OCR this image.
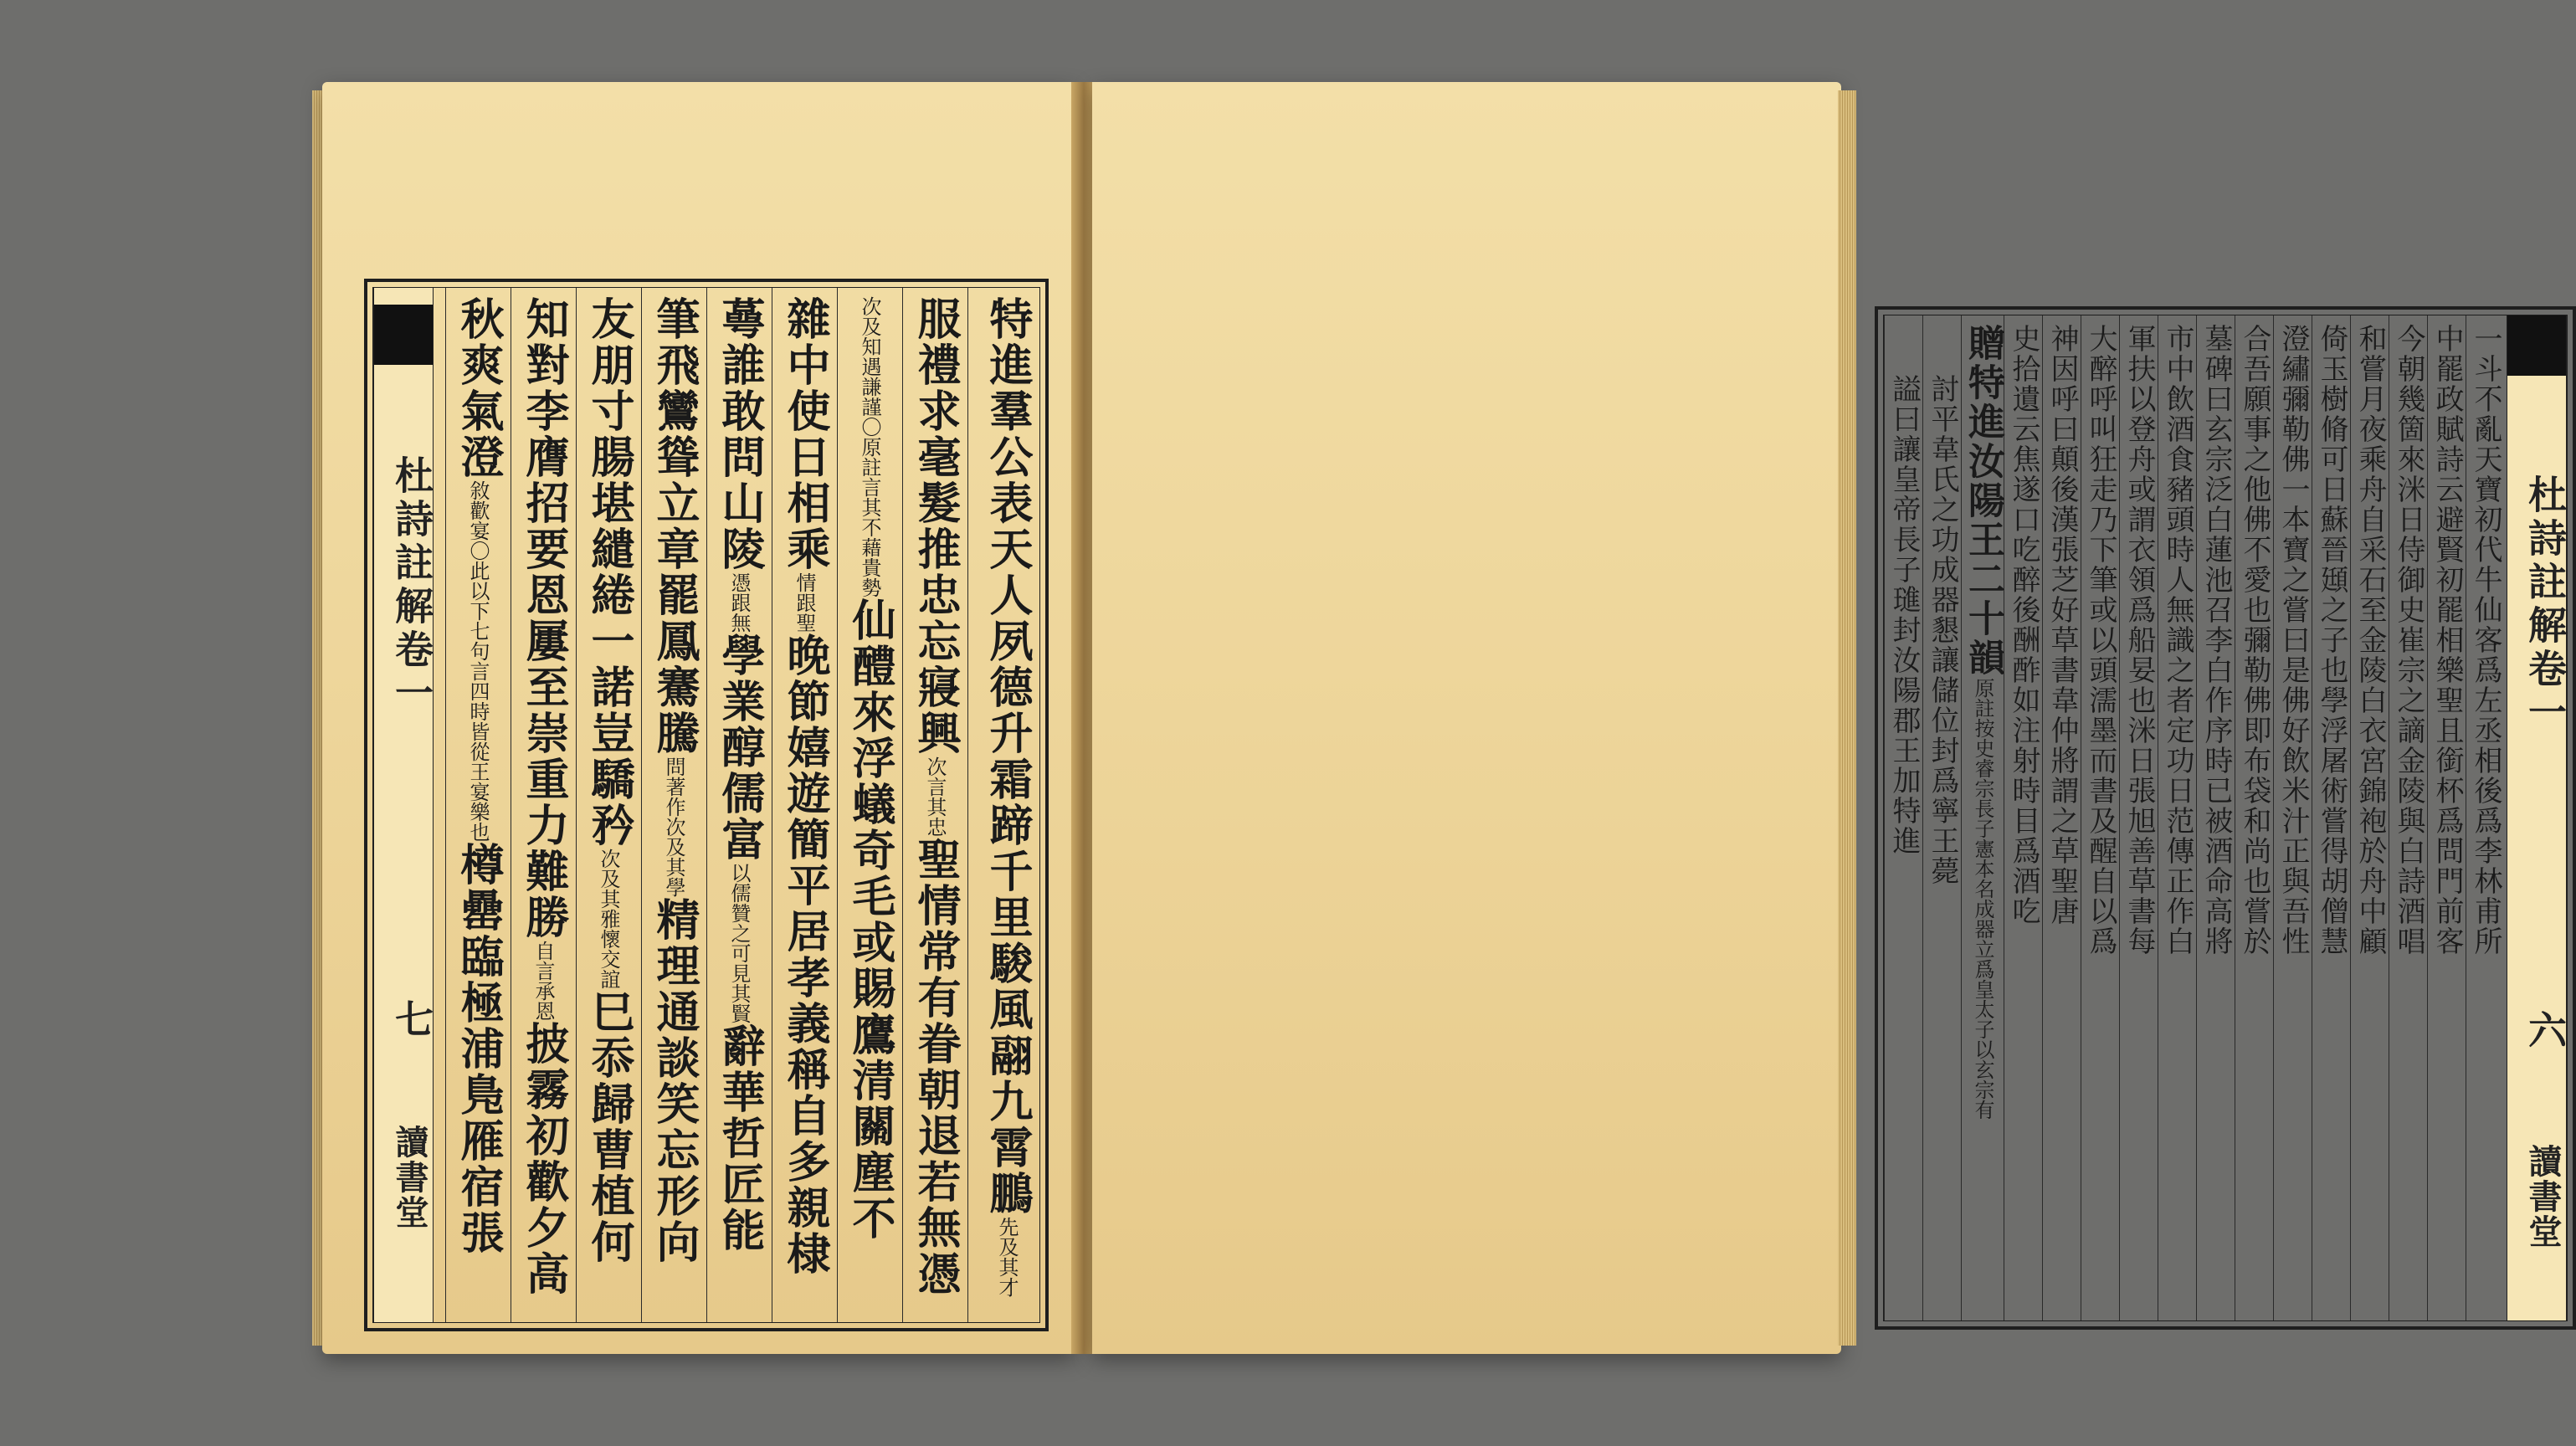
杜詩註解卷一
七
讀書堂	特進羣公表天人夙德升霜蹄千里駿風翮九霄鵬先及其才
服禮求毫髮推忠忘寢興次言其忠聖情常有眷朝退若無憑
次及知遇謙謹〇原註言其不藉貴勢仙醴來浮蟻奇毛或賜鷹清關塵不
雜中使日相乘情跟聖晚節嬉遊簡平居孝義稱自多親棣
蕚誰敢問山陵憑跟無學業醇儒富以儒贊之可見其賢辭華哲匠能
筆飛鸞聳立章罷鳳騫騰問著作次及其學精理通談笑忘形向
友朋寸腸堪繾綣一諾豈驕矜次及其雅懷交誼巳忝歸曹植何
知對李膺招要恩屢至崇重力難勝自言承恩披霧初歡夕高
秋爽氣澄敘歡宴〇此以下七句言四時皆從王宴樂也樽罍臨極浦鳬雁宿張
杜詩註解卷一
六
讀書堂
一斗不亂天寶初代牛仙客爲左丞相後爲李林甫所
中罷政賦詩云避賢初罷相樂聖且銜杯爲問門前客
今朝幾箇來洣日侍御史崔宗之謫金陵與白詩酒唱
和嘗月夜乘舟自采石至金陵白衣宮錦袍於舟中顧
倚玉樹脩可日蘇晉頲之子也學浮屠術嘗得胡僧慧
澄繡彌勒佛一本寶之嘗曰是佛好飲米汁正與吾性
合吾願事之他佛不愛也彌勒佛即布袋和尚也嘗於
墓碑曰玄宗泛白蓮池召李白作序時已被酒命高將
市中飲酒食豬頭時人無識之者定功日范傳正作白
軍扶以登舟或謂衣領爲船妟也洣日張旭善草書每
大醉呼叫狂走乃下筆或以頭濡墨而書及醒自以爲
神因呼曰顛後漢張芝好草書韋仲將謂之草聖唐
史拾遺云焦遂口吃醉後酬酢如注射時目爲酒吃
贈特進汝陽王二十韻原註按史睿宗長子憲本名成器立爲皇太子以玄宗有
討平韋氏之功成器懇讓儲位封爲寧王薨
謚曰讓皇帝長子璡封汝陽郡王加特進
